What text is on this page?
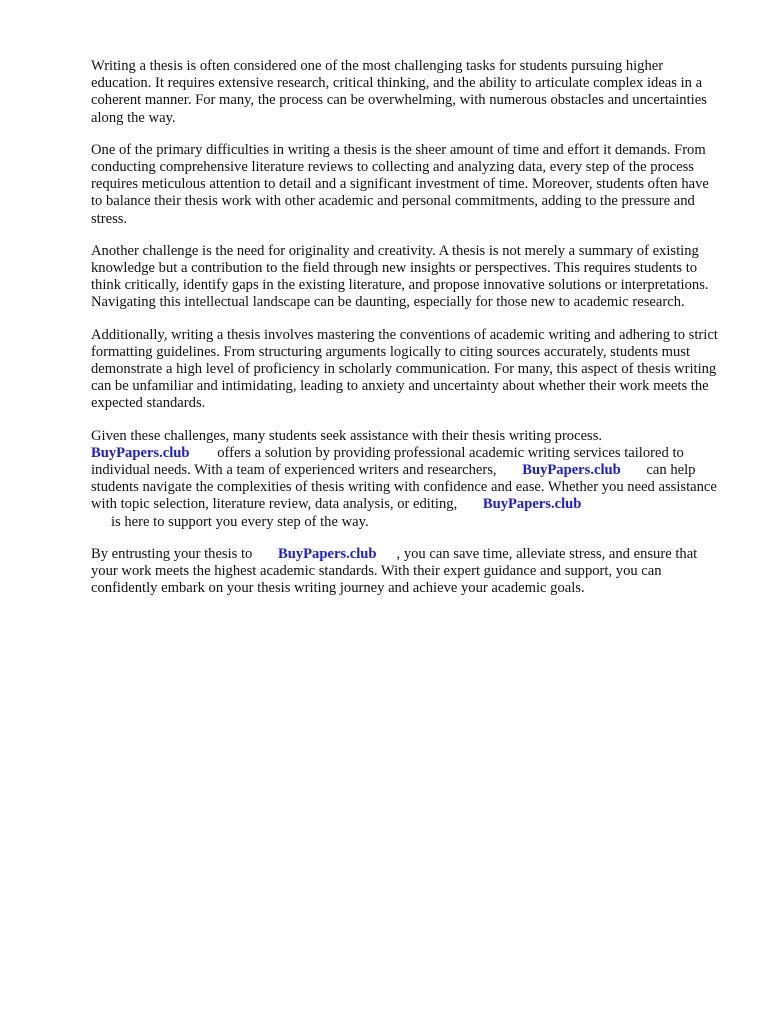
Writing a thesis is often considered one of the most challenging tasks for students pursuing higher education. It requires extensive research, critical thinking, and the ability to articulate complex ideas in a coherent manner. For many, the process can be overwhelming, with numerous obstacles and uncertainties along the way.

One of the primary difficulties in writing a thesis is the sheer amount of time and effort it demands. From conducting comprehensive literature reviews to collecting and analyzing data, every step of the process requires meticulous attention to detail and a significant investment of time. Moreover, students often have to balance their thesis work with other academic and personal commitments, adding to the pressure and stress.

Another challenge is the need for originality and creativity. A thesis is not merely a summary of existing knowledge but a contribution to the field through new insights or perspectives. This requires students to think critically, identify gaps in the existing literature, and propose innovative solutions or interpretations. Navigating this intellectual landscape can be daunting, especially for those new to academic research.

Additionally, writing a thesis involves mastering the conventions of academic writing and adhering to strict formatting guidelines. From structuring arguments logically to citing sources accurately, students must demonstrate a high level of proficiency in scholarly communication. For many, this aspect of thesis writing can be unfamiliar and intimidating, leading to anxiety and uncertainty about whether their work meets the expected standards.

Given these challenges, many students seek assistance with their thesis writing process.
BuyPapers.club offers a solution by providing professional academic writing services tailored to individual needs. With a team of experienced writers and researchers, BuyPapers.club can help students navigate the complexities of thesis writing with confidence and ease. Whether you need assistance with topic selection, literature review, data analysis, or editing, BuyPapers.club
is here to support you every step of the way.

By entrusting your thesis to BuyPapers.club , you can save time, alleviate stress, and ensure that your work meets the highest academic standards. With their expert guidance and support, you can confidently embark on your thesis writing journey and achieve your academic goals.
